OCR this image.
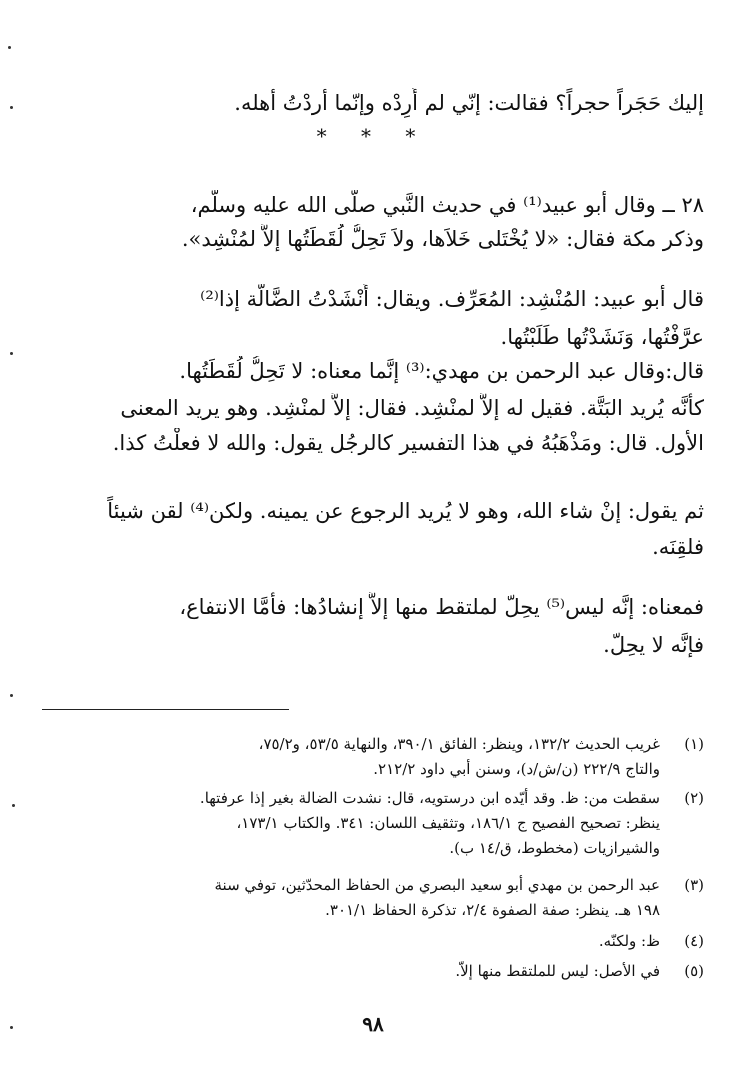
إليك حَجَراً حجراً؟ فقالت: إنّي لم أُرِدْه وإنّما أردْتُ أهله.
* * *
٢٨ ــ وقال أبو عبيد⁽¹⁾ في حديث النَّبي صلَّى الله عليه وسلَّم،
وذكر مكة فقال: «لا يُخْتَلى خَلاَها، ولاَ تَحِلُّ لُقَطَتُها إلاَّ لمُنْشِد».
قال أبو عبيد: المُنْشِد: المُعَرِّف. ويقال: أَنْشَدْتُ الضَّالَّة إذا⁽²⁾
عرَّفْتُها، وَنَشَدْتُها طَلَبْتُها.
قال:وقال عبد الرحمن بن مهدي:⁽³⁾ إنَّما معناه: لا تَحِلُّ لُقَطَتُها.
كأنَّه يُريد البَتَّة. فقيل له إلاَّ لمنْشِد. فقال: إلاَّ لمنْشِد. وهو يريد المعنى
الأول. قال: ومَذْهَبُهُ في هذا التفسير كالرجُل يقول: والله لا فعلْتُ كذا.
ثم يقول: إنْ شاء الله، وهو لا يُريد الرجوع عن يمينه. ولكن⁽⁴⁾ لقن شيئاً
فلقِنَه.
فمعناه: إنَّه ليس⁽⁵⁾ يحِلّ لملتقط منها إلاَّ إنشادُها: فأمَّا الانتفاع،
فإنَّه لا يحِلّ.
(١)
غريب الحديث ١٣٢/٢، وينظر: الفائق ٣٩٠/١، والنهاية ٥٣/٥، و٧٥/٢،
والتاج ٢٢٢/٩ (ن/ش/د)، وسنن أبي داود ٢١٢/٢.
(٢)
سقطت من: ظ. وقد أيّده ابن درستويه، قال: نشدت الضالة بغير إذا عرفتها.
ينظر: تصحيح الفصيح ج ١٨٦/١، وتثقيف اللسان: ٣٤١. والكتاب ١٧٣/١،
والشيرازيات (مخطوط، ق/١٤ ب).
(٣)
عبد الرحمن بن مهدي أبو سعيد البصري من الحفاظ المحدّثين، توفي سنة
١٩٨ هـ. ينظر: صفة الصفوة ٢/٤، تذكرة الحفاظ ٣٠١/١.
(٤)
ظ: ولكنّه.
(٥)
في الأصل: ليس للملتقط منها إلاّ.
٩٨
